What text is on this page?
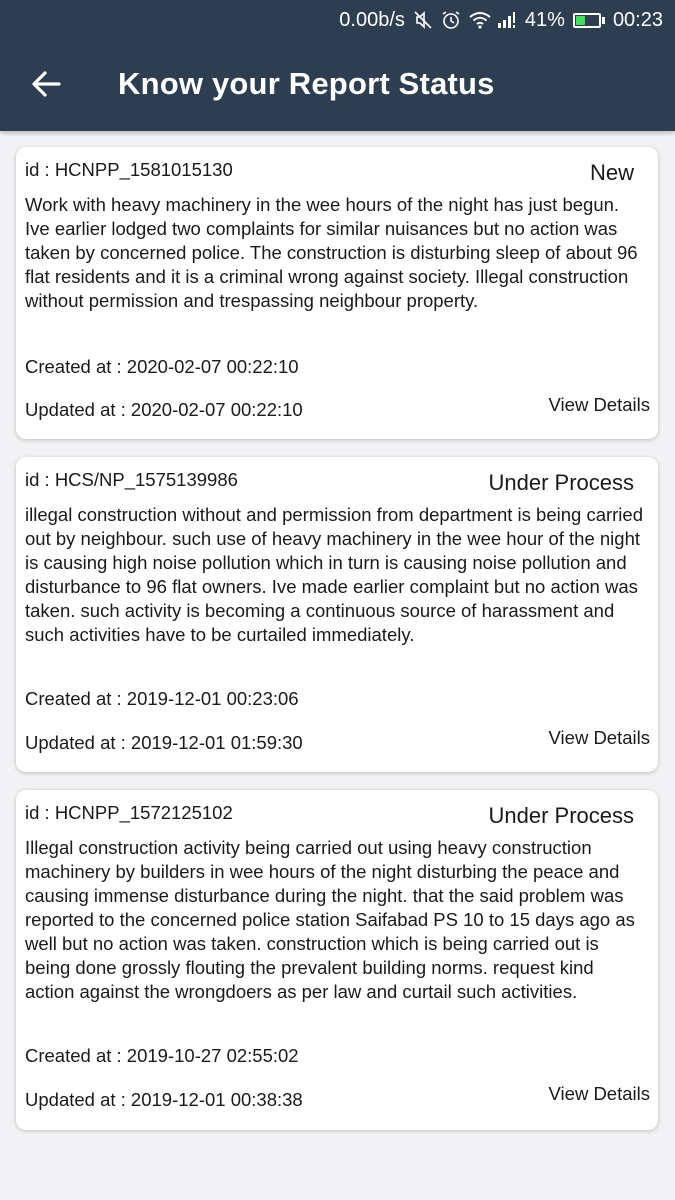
0.00b/s	41% 00:23
Know your Report Status
id : HCNPP_1581015130	New
Work with heavy machinery in the wee hours of the night has just begun. Ive earlier lodged two complaints for similar nuisances but no action was taken by concerned police. The construction is disturbing sleep of about 96 flat residents and it is a criminal wrong against society. Illegal construction without permission and trespassing neighbour property.
Created at : 2020-02-07 00:22:10
Updated at : 2020-02-07 00:22:10	View Details
id : HCS/NP_1575139986	Under Process
illegal construction without and permission from department is being carried out by neighbour. such use of heavy machinery in the wee hour of the night is causing high noise pollution which in turn is causing noise pollution and disturbance to 96 flat owners. Ive made earlier complaint but no action was taken. such activity is becoming a continuous source of harassment and such activities have to be curtailed immediately.
Created at : 2019-12-01 00:23:06
Updated at : 2019-12-01 01:59:30	View Details
id : HCNPP_1572125102	Under Process
Illegal construction activity being carried out using heavy construction machinery by builders in wee hours of the night disturbing the peace and causing immense disturbance during the night. that the said problem was reported to the concerned police station Saifabad PS 10 to 15 days ago as well but no action was taken. construction which is being carried out is being done grossly flouting the prevalent building norms. request kind action against the wrongdoers as per law and curtail such activities.
Created at : 2019-10-27 02:55:02
Updated at : 2019-12-01 00:38:38	View Details
